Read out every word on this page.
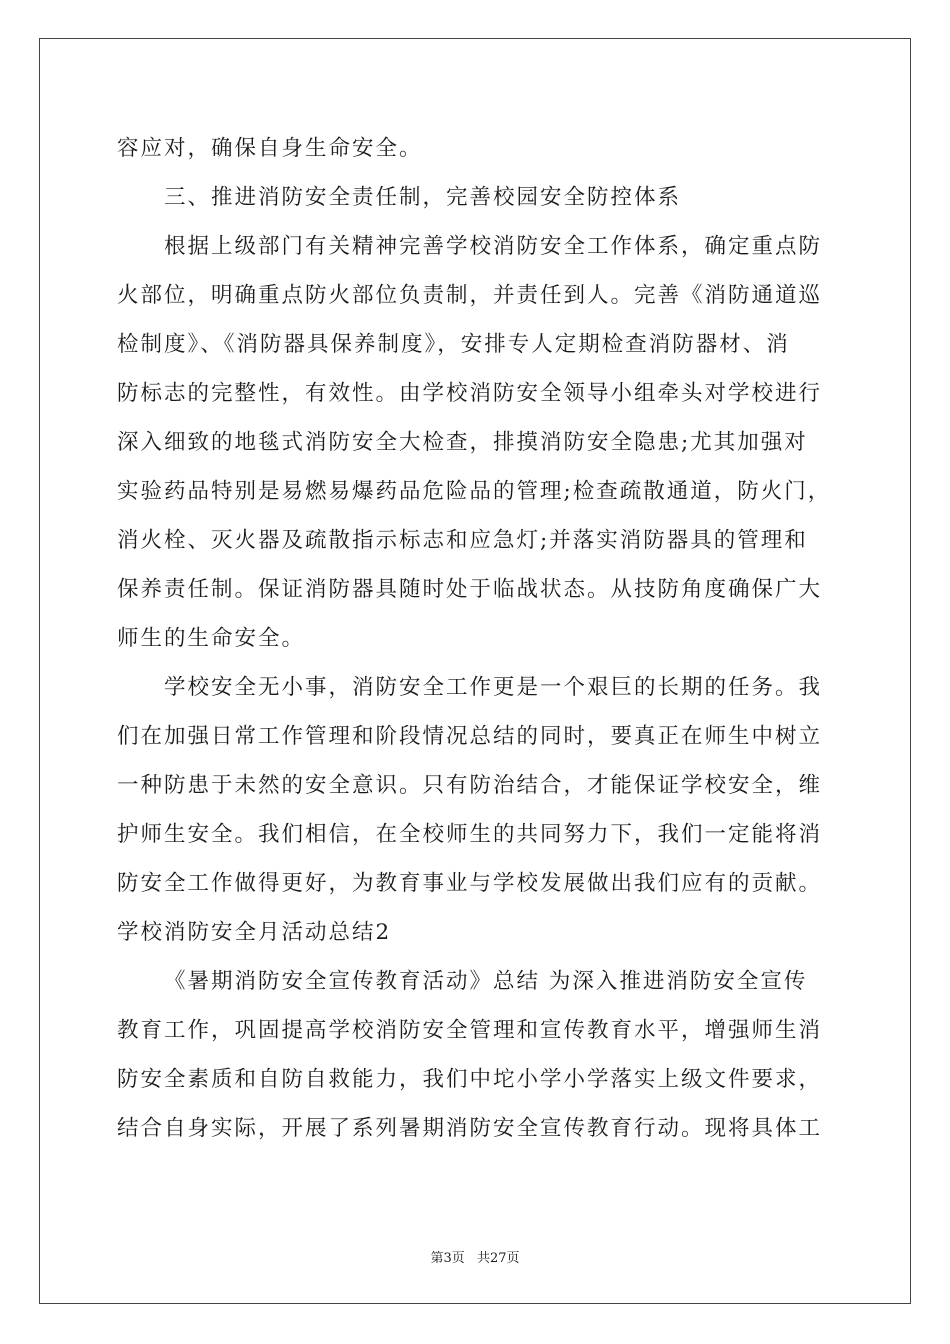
容应对，确保自身生命安全。
三、推进消防安全责任制，完善校园安全防控体系
根据上级部门有关精神完善学校消防安全工作体系，确定重点防
火部位，明确重点防火部位负责制，并责任到人。完善《消防通道巡
检制度》、《消防器具保养制度》，安排专人定期检查消防器材、消
防标志的完整性，有效性。由学校消防安全领导小组牵头对学校进行
深入细致的地毯式消防安全大检查，排摸消防安全隐患;尤其加强对
实验药品特别是易燃易爆药品危险品的管理;检查疏散通道，防火门，
消火栓、灭火器及疏散指示标志和应急灯;并落实消防器具的管理和
保养责任制。保证消防器具随时处于临战状态。从技防角度确保广大
师生的生命安全。
学校安全无小事，消防安全工作更是一个艰巨的长期的任务。我
们在加强日常工作管理和阶段情况总结的同时，要真正在师生中树立
一种防患于未然的安全意识。只有防治结合，才能保证学校安全，维
护师生安全。我们相信，在全校师生的共同努力下，我们一定能将消
防安全工作做得更好，为教育事业与学校发展做出我们应有的贡献。
学校消防安全月活动总结2
《暑期消防安全宣传教育活动》总结 为深入推进消防安全宣传
教育工作，巩固提高学校消防安全管理和宣传教育水平，增强师生消
防安全素质和自防自救能力，我们中坨小学小学落实上级文件要求，
结合自身实际，开展了系列暑期消防安全宣传教育行动。现将具体工
第3页 共27页
